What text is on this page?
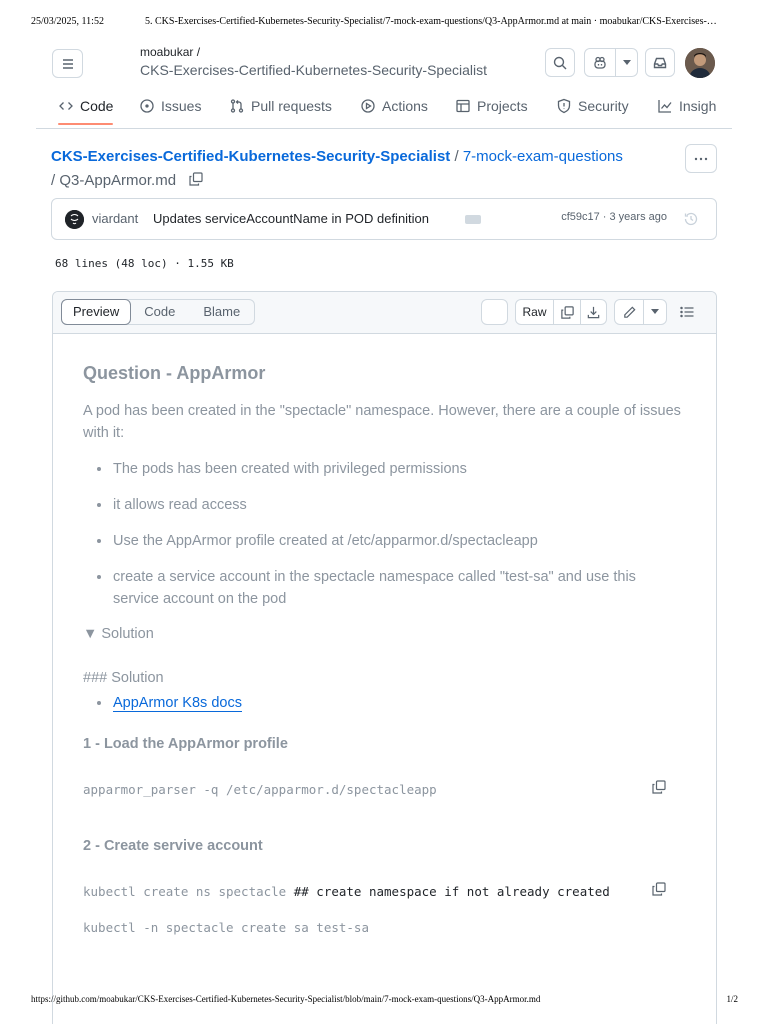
25/03/2025, 11:52	5. CKS-Exercises-Certified-Kubernetes-Security-Specialist/7-mock-exam-questions/Q3-AppArmor.md at main · moabukar/CKS-Exercises-…
moabukar /
CKS-Exercises-Certified-Kubernetes-Security-Specialist
Code	Issues	Pull requests	Actions	Projects	Security	Insigh
CKS-Exercises-Certified-Kubernetes-Security-Specialist / 7-mock-exam-questions
/ Q3-AppArmor.md
viardant Updates serviceAccountName in POD definition	cf59c17 · 3 years ago
68 lines (48 loc) · 1.55 KB
Preview	Code	Blame	Raw
Question - AppArmor
A pod has been created in the "spectacle" namespace. However, there are a couple of issues with it:
The pods has been created with privileged permissions
it allows read access
Use the AppArmor profile created at /etc/apparmor.d/spectacleapp
create a service account in the spectacle namespace called "test-sa" and use this service account on the pod
▼ Solution
### Solution
AppArmor K8s docs
1 - Load the AppArmor profile
apparmor_parser -q /etc/apparmor.d/spectacleapp
2 - Create servive account
kubectl create ns spectacle ## create namespace if not already created
kubectl -n spectacle create sa test-sa
https://github.com/moabukar/CKS-Exercises-Certified-Kubernetes-Security-Specialist/blob/main/7-mock-exam-questions/Q3-AppArmor.md	1/2
